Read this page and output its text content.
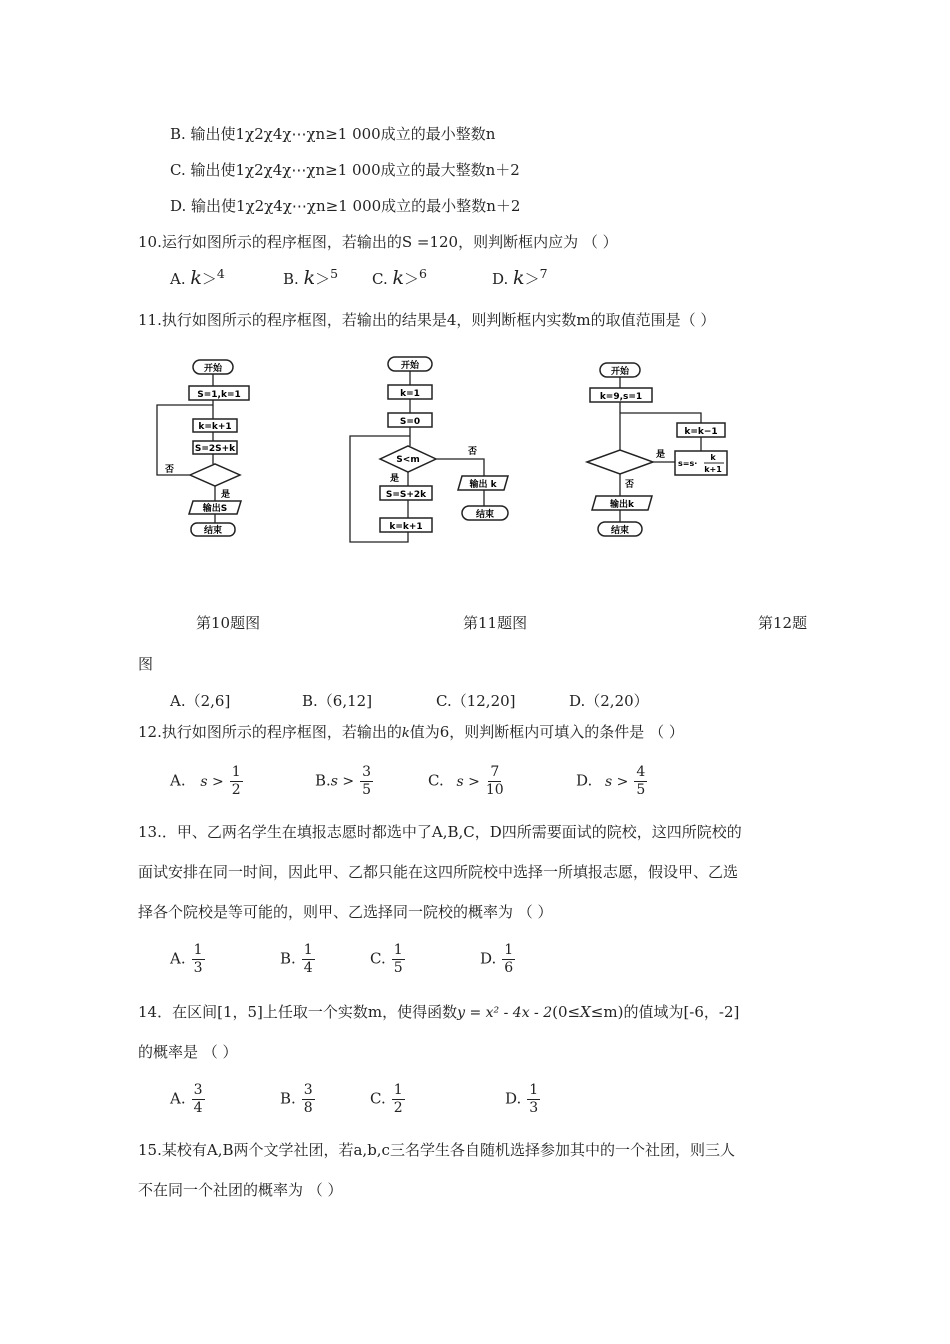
B. 输出使1χ2χ4χ⋯χn≥1 000成立的最小整数n
C. 输出使1χ2χ4χ⋯χn≥1 000成立的最大整数n＋2
D. 输出使1χ2χ4χ⋯χn≥1 000成立的最小整数n＋2
10.运行如图所示的程序框图，若输出的S =120，则判断框内应为 （ ）
A. k＞$^4$	B. k＞$^5$ C. k＞$^6$	D. k＞$^7$
11.执行如图所示的程序框图，若输出的结果是4，则判断框内实数m的取值范围是（ ）
开始
S=1,k=1
k=k+1
S=2S+k
否
是
输出S
结束
开始
k=1
S=0
S<m
否
是
S=S+2k
k=k+1
输出 k
结束
开始
k=9,s=1
k=k−1
是
否
s=s·
k
k+1
输出k
结束
第10题图	第11题图	第12题
图
A.（2,6]	B.（6,12]	C.（12,20]	D.（2,20）
12.执行如图所示的程序框图，若输出的k值为6，则判断框内可填入的条件是 （ ）
A. $s > \frac{1}{2}$	$B.s > \frac{3}{5}$	C. $s > \frac{7}{10}$	D. $s > \frac{4}{5}$
13.．甲、乙两名学生在填报志愿时都选中了A,B,C，D四所需要面试的院校，这四所院校的
面试安排在同一时间，因此甲、乙都只能在这四所院校中选择一所填报志愿，假设甲、乙选
择各个院校是等可能的，则甲、乙选择同一院校的概率为 （ ）
A. $\frac{1}{3}$	B. $\frac{1}{4}$	C. $\frac{1}{5}$	D. $\frac{1}{6}$
14．在区间[1，5]上任取一个实数m，使得函数y = x² - 4x - 2(0≤X≤m)的值域为[-6，-2]
的概率是 （ ）
A. $\frac{3}{4}$	B. $\frac{3}{8}$	C. $\frac{1}{2}$	D. $\frac{1}{3}$
15.某校有A,B两个文学社团，若a,b,c三名学生各自随机选择参加其中的一个社团，则三人
不在同一个社团的概率为 （ ）
